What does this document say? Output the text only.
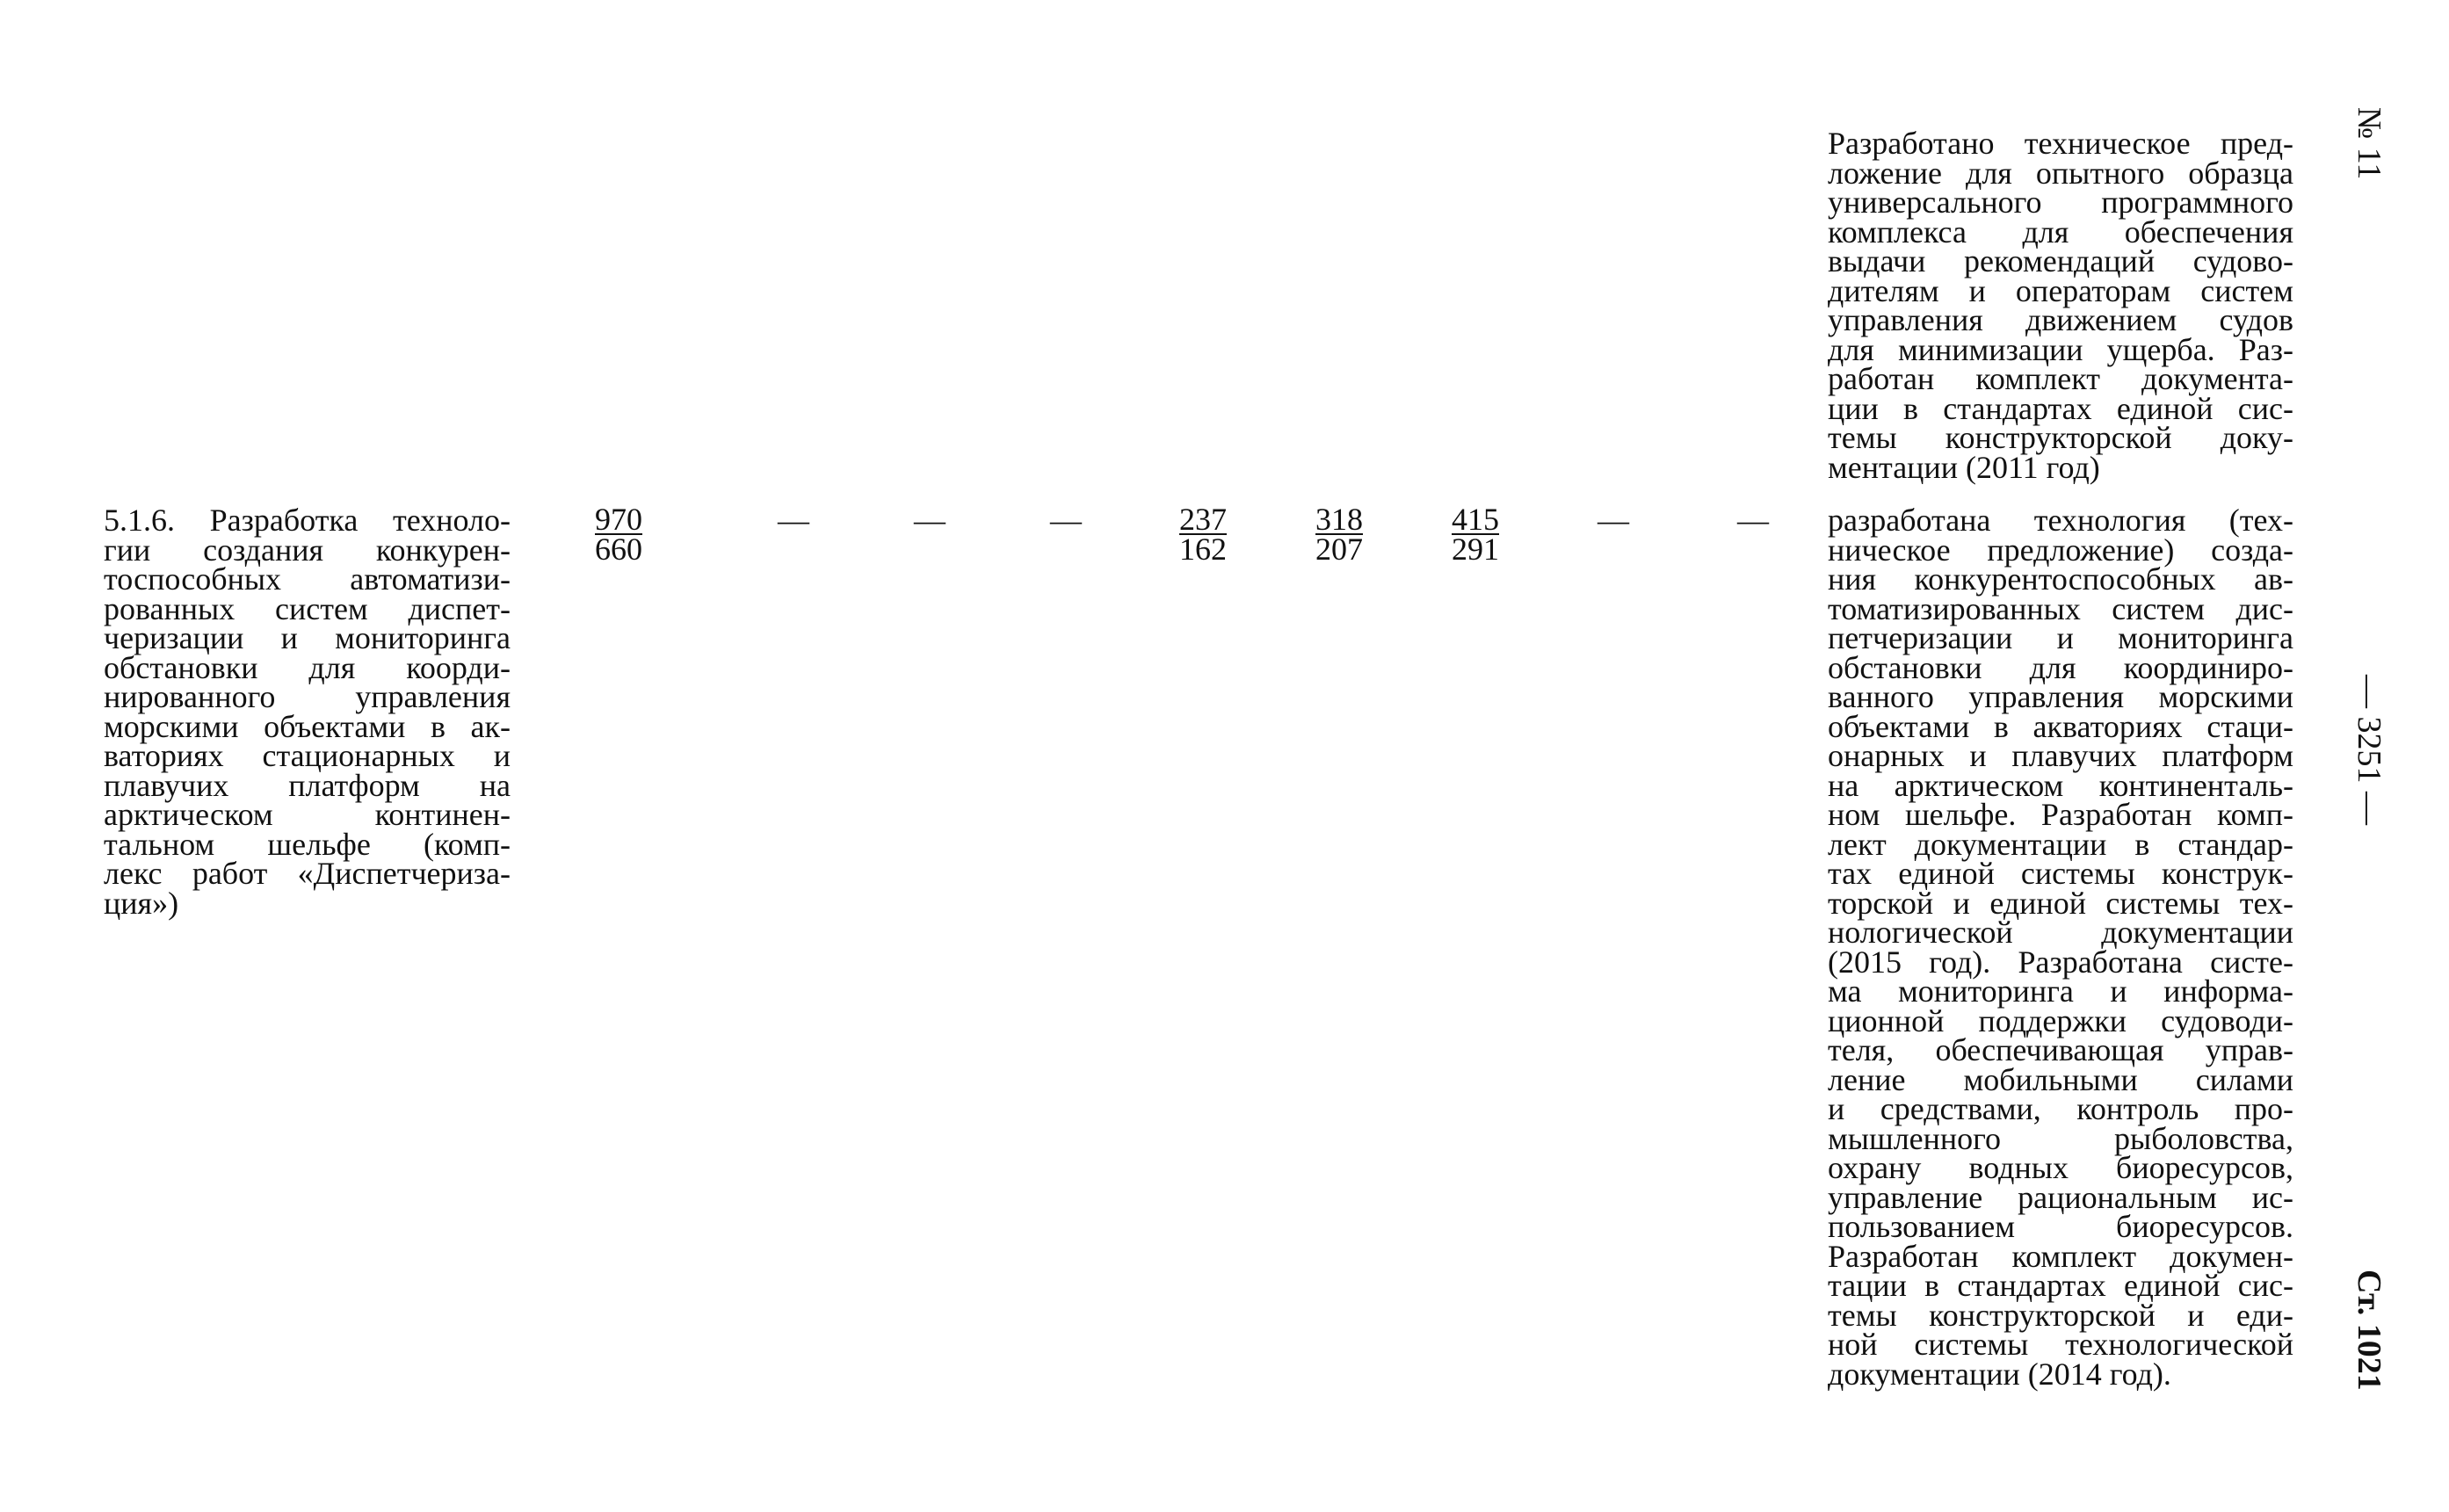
№ 11
— 3251 —
Ст. 1021
Разработано техническое пред-
ложение для опытного образца
универсального программного
комплекса для обеспечения
выдачи рекомендаций судово-
дителям и операторам систем
управления движением судов
для минимизации ущерба. Раз-
работан комплект документа-
ции в стандартах единой сис-
темы конструкторской доку-
ментации (2011 год)
5.1.6. Разработка техноло-
гии создания конкурен-
тоспособных автоматизи-
рованных систем диспет-
черизации и мониторинга
обстановки для коорди-
нированного управления
морскими объектами в ак-
ваториях стационарных и
плавучих платформ на
арктическом континен-
тальном шельфе (комп-
лекс работ «Диспетчериза-
ция»)
$\frac{970}{660}$	—	—	—	$\frac{237}{162}$	$\frac{318}{207}$	$\frac{415}{291}$	—	— разработана технология (тех-
ническое предложение) созда-
ния конкурентоспособных ав-
томатизированных систем дис-
петчеризации и мониторинга
обстановки для координиро-
ванного управления морскими
объектами в акваториях стаци-
онарных и плавучих платформ
на арктическом континенталь-
ном шельфе. Разработан комп-
лект документации в стандар-
тах единой системы конструк-
торской и единой системы тех-
нологической документации
(2015 год). Разработана систе-
ма мониторинга и информа-
ционной поддержки судоводи-
теля, обеспечивающая управ-
ление мобильными силами
и средствами, контроль про-
мышленного рыболовства,
охрану водных биоресурсов,
управление рациональным ис-
пользованием биоресурсов.
Разработан комплект докумен-
тации в стандартах единой сис-
темы конструкторской и еди-
ной системы технологической
документации (2014 год).
